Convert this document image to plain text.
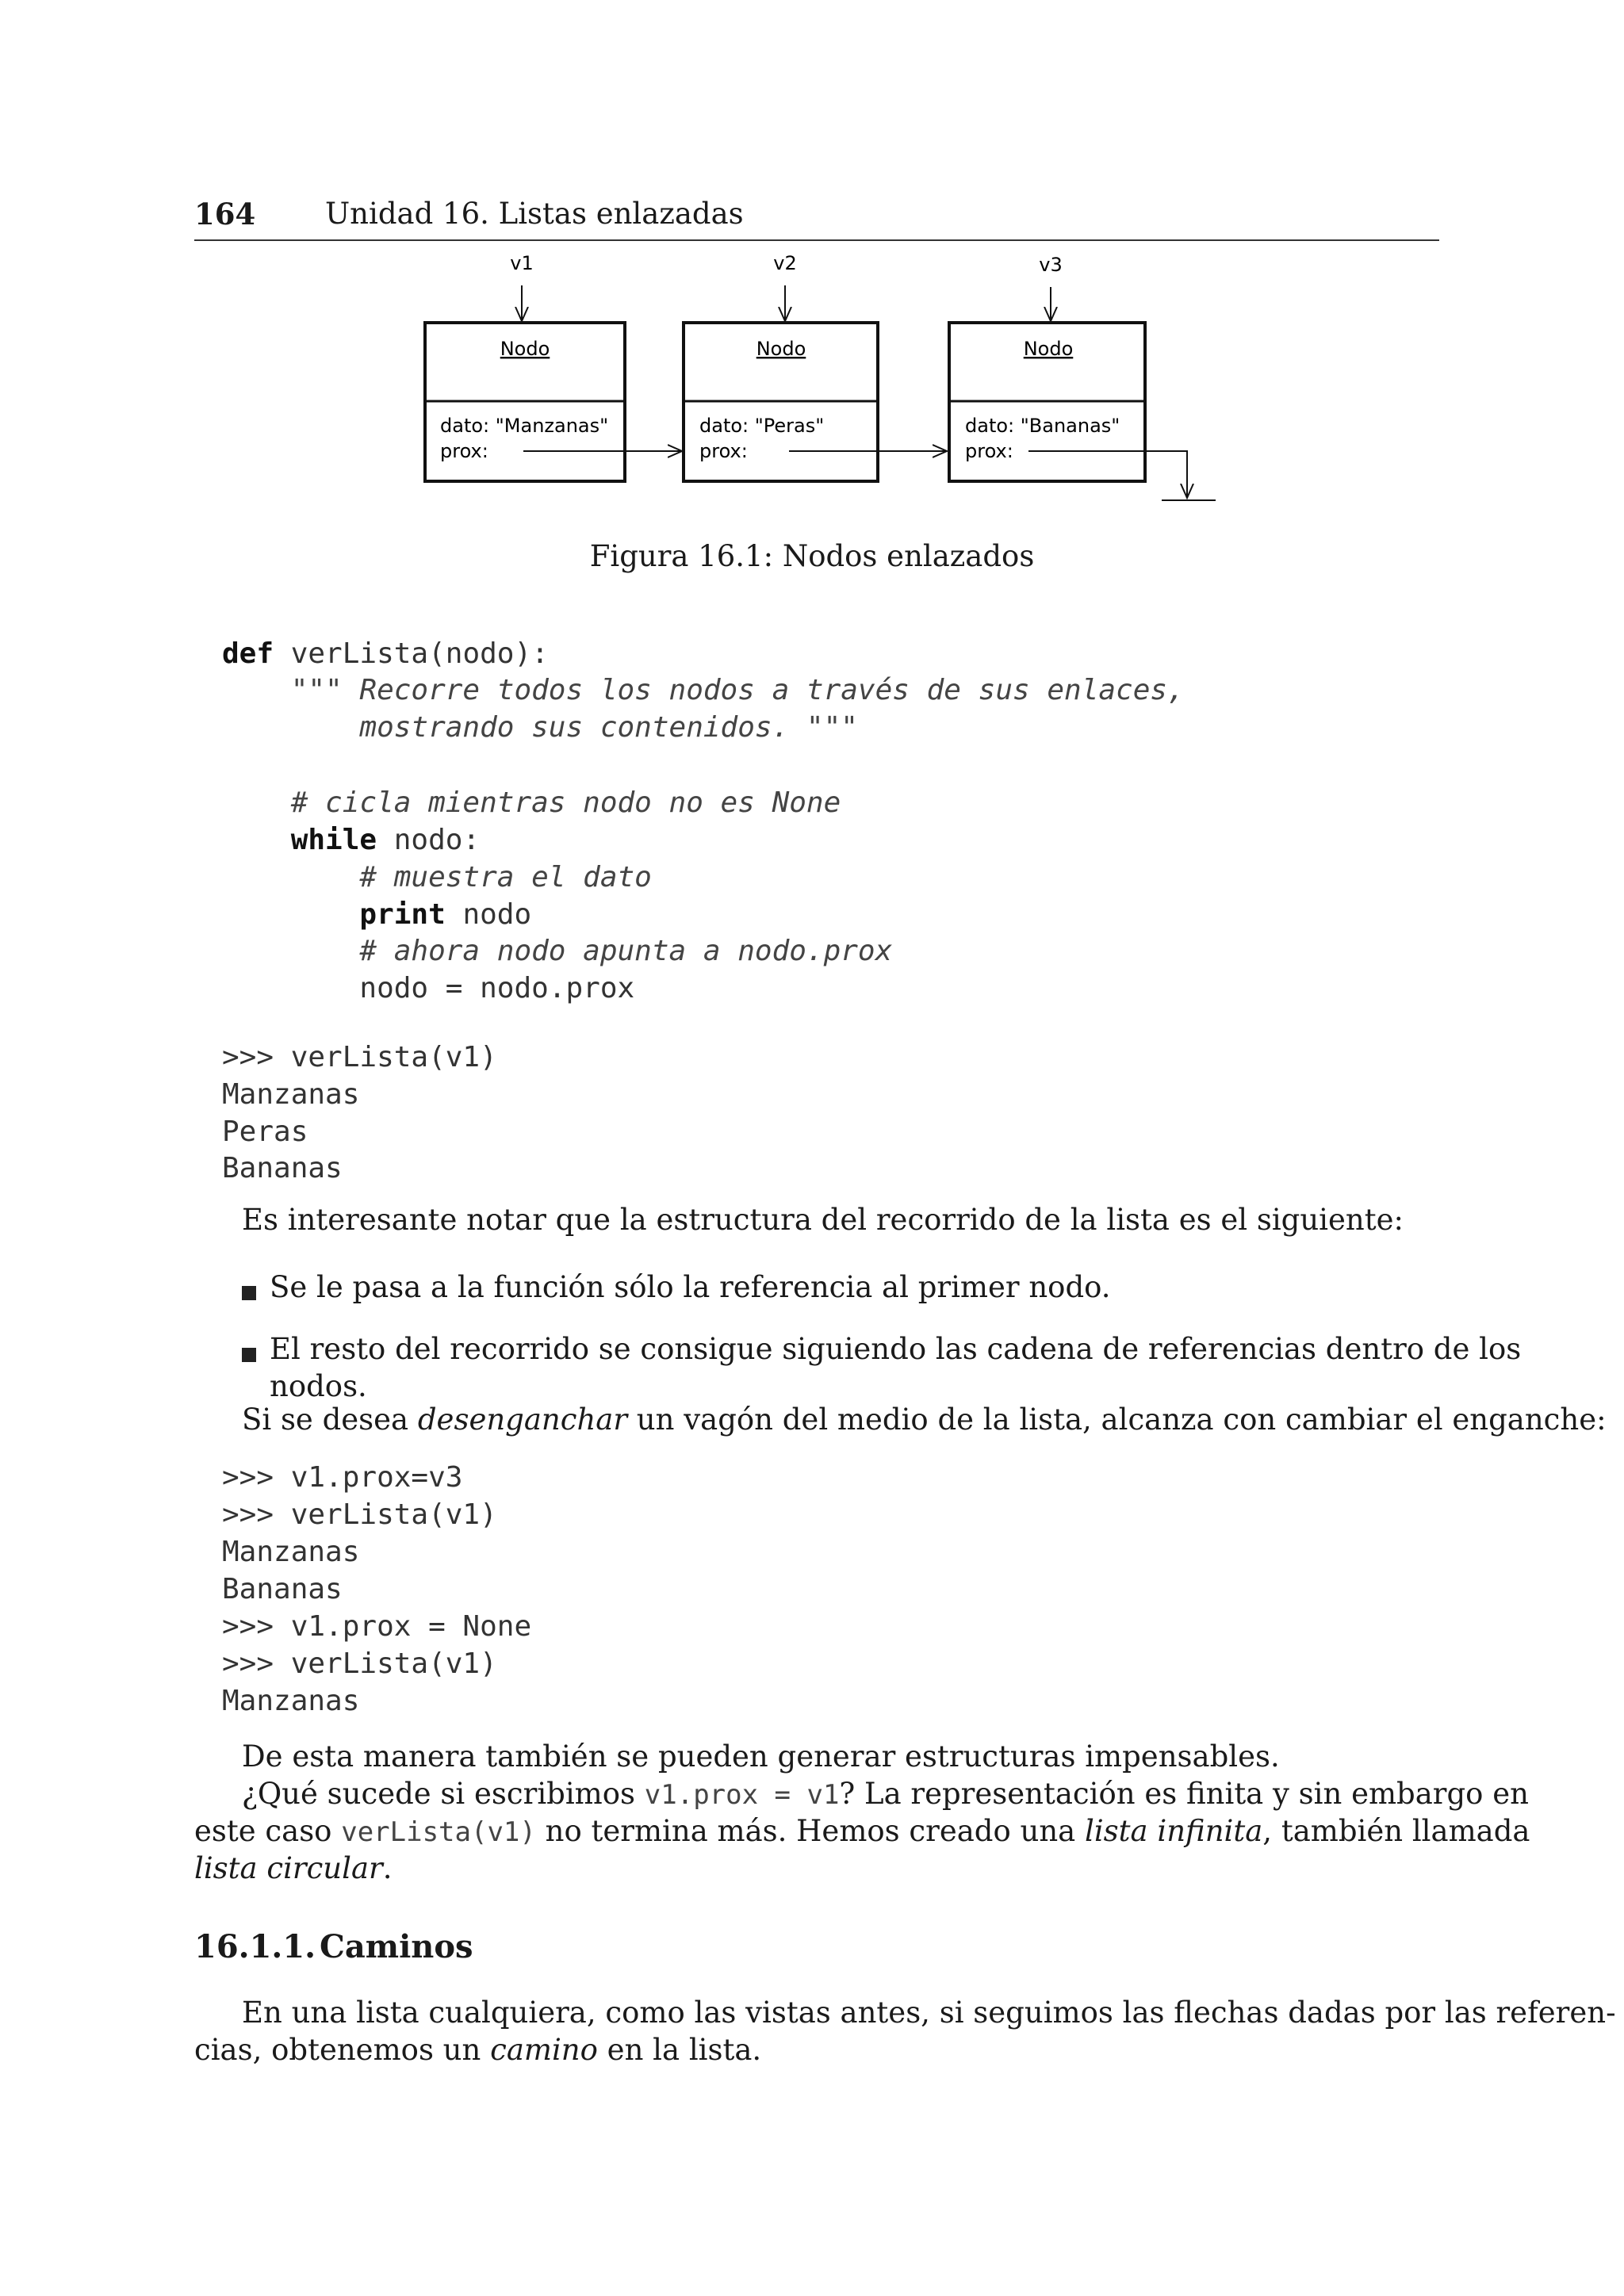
164 Unidad 16. Listas enlazadas
v1
Nodo
dato: "Manzanas"
prox:
v2
Nodo
dato: "Peras"
prox:
v3
Nodo
dato: "Bananas"
prox:
Figura 16.1: Nodos enlazados
def verLista(nodo):
""" Recorre todos los nodos a través de sus enlaces,
mostrando sus contenidos. """
# cicla mientras nodo no es None
while nodo:
# muestra el dato
print nodo
# ahora nodo apunta a nodo.prox
nodo = nodo.prox
>>> verLista(v1)
Manzanas
Peras
Bananas
Es interesante notar que la estructura del recorrido de la lista es el siguiente:
Se le pasa a la función sólo la referencia al primer nodo.
El resto del recorrido se consigue siguiendo las cadena de referencias dentro de los nodos.
Si se desea desenganchar un vagón del medio de la lista, alcanza con cambiar el enganche:
>>> v1.prox=v3
>>> verLista(v1)
Manzanas
Bananas
>>> v1.prox = None
>>> verLista(v1)
Manzanas
De esta manera también se pueden generar estructuras impensables.
¿Qué sucede si escribimos v1.prox = v1? La representación es finita y sin embargo en
este caso verLista(v1) no termina más. Hemos creado una lista infinita, también llamada
lista circular.
16.1.1. Caminos
En una lista cualquiera, como las vistas antes, si seguimos las flechas dadas por las referen-
cias, obtenemos un camino en la lista.
